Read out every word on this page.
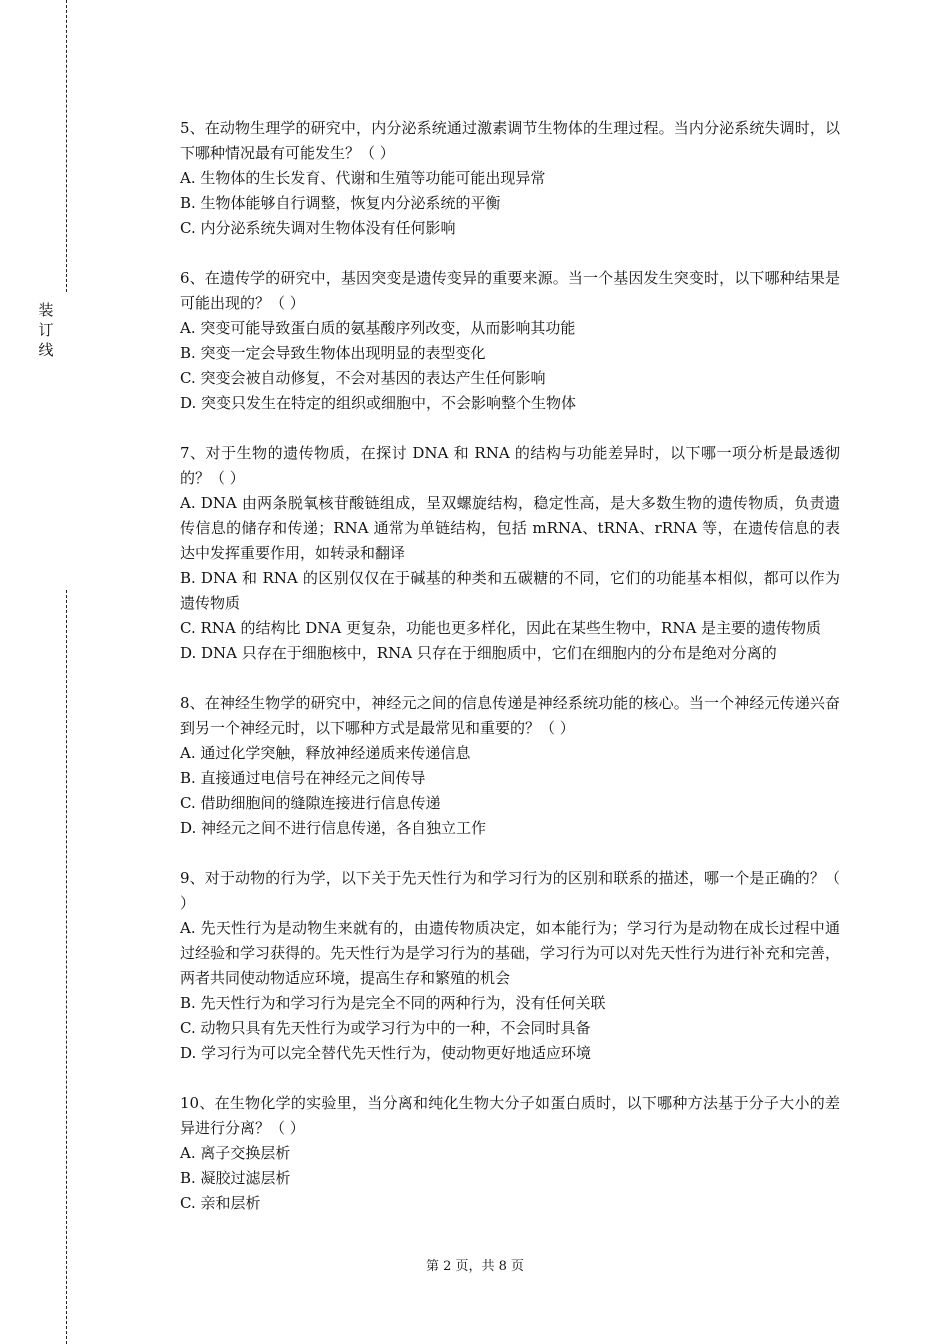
装
订
线

5、在动物生理学的研究中，内分泌系统通过激素调节生物体的生理过程。当内分泌系统失调时，以下哪种情况最有可能发生？（ ）

A. 生物体的生长发育、代谢和生殖等功能可能出现异常

B. 生物体能够自行调整，恢复内分泌系统的平衡

C. 内分泌系统失调对生物体没有任何影响

6、在遗传学的研究中，基因突变是遗传变异的重要来源。当一个基因发生突变时，以下哪种结果是可能出现的？（ ）

A. 突变可能导致蛋白质的氨基酸序列改变，从而影响其功能

B. 突变一定会导致生物体出现明显的表型变化

C. 突变会被自动修复，不会对基因的表达产生任何影响

D. 突变只发生在特定的组织或细胞中，不会影响整个生物体

7、对于生物的遗传物质，在探讨 DNA 和 RNA 的结构与功能差异时，以下哪一项分析是最透彻的？（ ）

A. DNA 由两条脱氧核苷酸链组成，呈双螺旋结构，稳定性高，是大多数生物的遗传物质，负责遗传信息的储存和传递；RNA 通常为单链结构，包括 mRNA、tRNA、rRNA 等，在遗传信息的表达中发挥重要作用，如转录和翻译

B. DNA 和 RNA 的区别仅仅在于碱基的种类和五碳糖的不同，它们的功能基本相似，都可以作为遗传物质

C. RNA 的结构比 DNA 更复杂，功能也更多样化，因此在某些生物中，RNA 是主要的遗传物质

D. DNA 只存在于细胞核中，RNA 只存在于细胞质中，它们在细胞内的分布是绝对分离的

8、在神经生物学的研究中，神经元之间的信息传递是神经系统功能的核心。当一个神经元传递兴奋到另一个神经元时，以下哪种方式是最常见和重要的？（ ）

A. 通过化学突触，释放神经递质来传递信息

B. 直接通过电信号在神经元之间传导

C. 借助细胞间的缝隙连接进行信息传递

D. 神经元之间不进行信息传递，各自独立工作

9、对于动物的行为学，以下关于先天性行为和学习行为的区别和联系的描述，哪一个是正确的？（ ）

A. 先天性行为是动物生来就有的，由遗传物质决定，如本能行为；学习行为是动物在成长过程中通过经验和学习获得的。先天性行为是学习行为的基础，学习行为可以对先天性行为进行补充和完善，两者共同使动物适应环境，提高生存和繁殖的机会

B. 先天性行为和学习行为是完全不同的两种行为，没有任何关联

C. 动物只具有先天性行为或学习行为中的一种，不会同时具备

D. 学习行为可以完全替代先天性行为，使动物更好地适应环境

10、在生物化学的实验里，当分离和纯化生物大分子如蛋白质时，以下哪种方法基于分子大小的差异进行分离？（ ）

A. 离子交换层析

B. 凝胶过滤层析

C. 亲和层析

第 2 页，共 8 页
